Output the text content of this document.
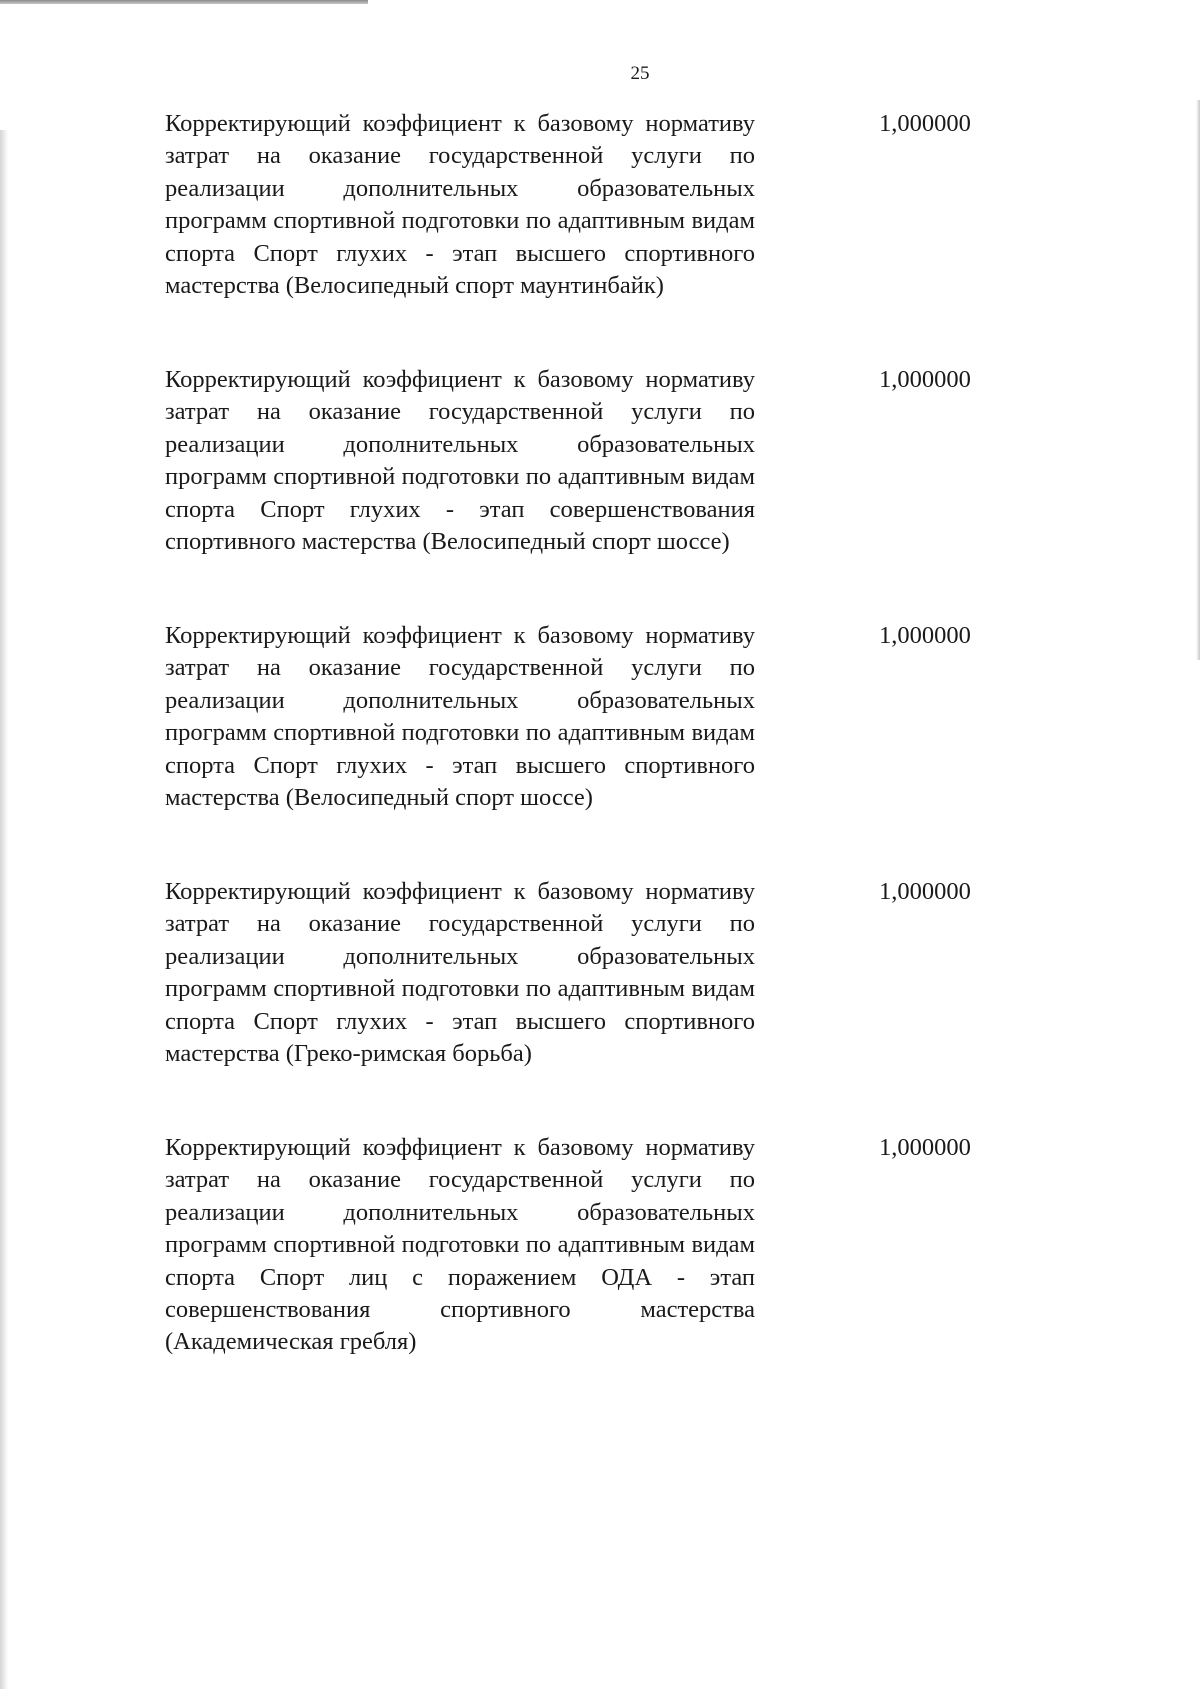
25

Корректирующий коэффициент к базовому нормативу затрат на оказание государственной услуги по реализации дополнительных образовательных программ спортивной подготовки по адаптивным видам спорта Спорт глухих - этап высшего спортивного мастерства (Велосипедный спорт маунтинбайк)

1,000000

Корректирующий коэффициент к базовому нормативу затрат на оказание государственной услуги по реализации дополнительных образовательных программ спортивной подготовки по адаптивным видам спорта Спорт глухих - этап совершенствования спортивного мастерства (Велосипедный спорт шоссе)

1,000000

Корректирующий коэффициент к базовому нормативу затрат на оказание государственной услуги по реализации дополнительных образовательных программ спортивной подготовки по адаптивным видам спорта Спорт глухих - этап высшего спортивного мастерства (Велосипедный спорт шоссе)

1,000000

Корректирующий коэффициент к базовому нормативу затрат на оказание государственной услуги по реализации дополнительных образовательных программ спортивной подготовки по адаптивным видам спорта Спорт глухих - этап высшего спортивного мастерства (Греко-римская борьба)

1,000000

Корректирующий коэффициент к базовому нормативу затрат на оказание государственной услуги по реализации дополнительных образовательных программ спортивной подготовки по адаптивным видам спорта Спорт лиц с поражением ОДА - этап совершенствования спортивного мастерства (Академическая гребля)

1,000000
